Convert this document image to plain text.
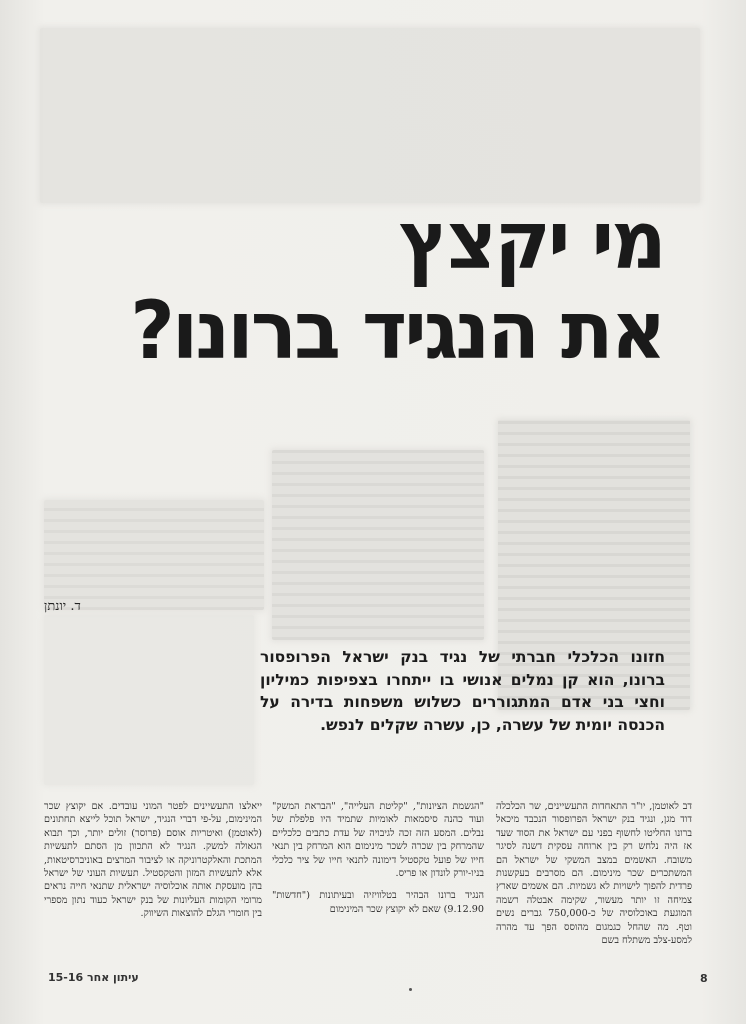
מי יקצץ
את הנגיד ברונו?
ד. יונתן
חזונו הכלכלי חברתי של נגיד בנק ישראל הפרופסור ברונו, הוא קן נמלים אנושי בו ייתחרו בצפיפות כמיליון וחצי בני אדם המתגוררים כשלוש משפחות בדירה על הכנסה יומית של עשרה, כן, עשרה שקלים לנפש.

דב לאוטמן, יו"ר התאחדות התעשיינים, שר הכלכלה דוד מגן, ונגיד בנק ישראל הפרופסור הנכבד מיכאל ברונו החליטו לחשוף בפני עם ישראל את הסוד שעד אז היה נלחש רק בין ארוחה עסקית דשנה לסיגר משובח. האשמים במצב המשקי של ישראל הם המשתכרים שכר מינימום. הם מסרבים בעקשנות פרדית להפוך לישויות לא גשמיות. הם אשמים שארץ צמיחה זו יותר מעשור, שקימה אבטלה רשמה המוגעת באוכלוסיה של כ-750,000 גברים נשים וטף. מה שהחל כגמגום מהוסס הפך עד מהרה למסע-צלב משתלח בשם

"הגשמת הציונות", "קליטת העלייה", "הבראת המשק" ועוד כהנה סיסמאות לאומיות שתמיד היו פלפלת של נבלים. המסע הזה זכה לגיבויה של עדת כתבים כלכליים שהמרחק בין שכרה לשכר מינימום הוא המרחק בין תנאי חייו של פועל טקסטיל דימונה לתנאי חייו של ציר כלכלי בניו-יורק לונדון או פריס.

הנגיד ברונו הבהיר בטלוויזיה ובעיתונות ("חדשות" 9.12.90) שאם לא יקוצץ שכר המינימום

ייאלצו התעשיינים לפטר המוני עובדים. אם יקוצץ שכר המינימום, על-פי דברי הנגיד, ישראל תוכל לייצא תחתונים (לאוטמן) ואיטריות אוסם (פרוסר) זולים יותר, וכך תבוא הגאולה למשק. הנגיד לא התכוון מן הסתם לתעשיות המתכת והאלקטרוניקה או לציבור המרצים באוניברסיטאות, אלא לתעשיות המזון והטקסטיל. תעשיות העוני של ישראל בהן מועסקת אותה אוכלוסיה ישראלית שתנאי חייה נראים מרומי הקומות העליונות של בנק ישראל כעוד נתון מספרי בין חומרי הגלם להוצאות השיווק.

8
עיתון אחר 15-16
